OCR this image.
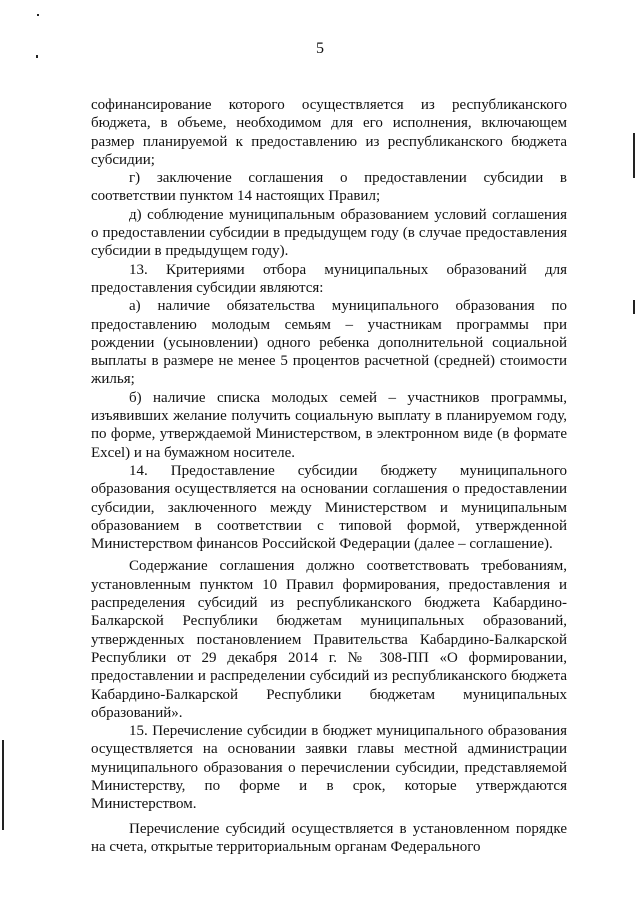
5

софинансирование которого осуществляется из республиканского бюджета, в объеме, необходимом для его исполнения, включающем размер планируемой к предоставлению из республиканского бюджета субсидии;

г) заключение соглашения о предоставлении субсидии в соответствии пунктом 14 настоящих Правил;

д) соблюдение муниципальным образованием условий соглашения о предоставлении субсидии в предыдущем году (в случае предоставления субсидии в предыдущем году).

13. Критериями отбора муниципальных образований для предоставления субсидии являются:

а) наличие обязательства муниципального образования по предоставлению молодым семьям – участникам программы при рождении (усыновлении) одного ребенка дополнительной социальной выплаты в размере не менее 5 процентов расчетной (средней) стоимости жилья;

б) наличие списка молодых семей – участников программы, изъявивших желание получить социальную выплату в планируемом году, по форме, утверждаемой Министерством, в электронном виде (в формате Excel) и на бумажном носителе.

14. Предоставление субсидии бюджету муниципального образования осуществляется на основании соглашения о предоставлении субсидии, заключенного между Министерством и муниципальным образованием в соответствии с типовой формой, утвержденной Министерством финансов Российской Федерации (далее – соглашение).

Содержание соглашения должно соответствовать требованиям, установленным пунктом 10 Правил формирования, предоставления и распределения субсидий из республиканского бюджета Кабардино-Балкарской Республики бюджетам муниципальных образований, утвержденных постановлением Правительства Кабардино-Балкарской Республики от 29 декабря 2014 г. № 308-ПП «О формировании, предоставлении и распределении субсидий из республиканского бюджета Кабардино-Балкарской Республики бюджетам муниципальных образований».

15. Перечисление субсидии в бюджет муниципального образования осуществляется на основании заявки главы местной администрации муниципального образования о перечислении субсидии, представляемой Министерству, по форме и в срок, которые утверждаются Министерством.

Перечисление субсидий осуществляется в установленном порядке на счета, открытые территориальным органам Федерального
